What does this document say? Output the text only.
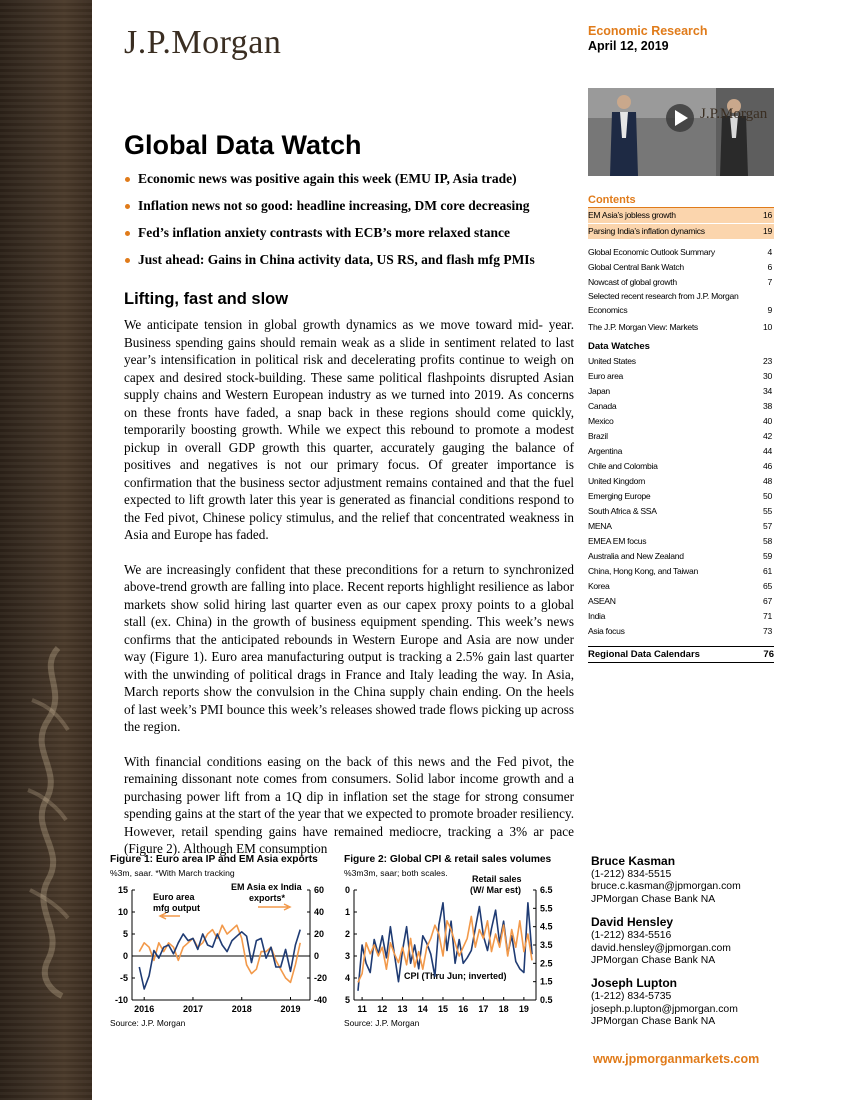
J.P.Morgan	Economic Research
April 12, 2019
J.P.Morgan
Global Data Watch
Economic news was positive again this week (EMU IP, Asia trade)
Inflation news not so good: headline increasing, DM core decreasing
Fed’s inflation anxiety contrasts with ECB’s more relaxed stance
Just ahead: Gains in China activity data, US RS, and flash mfg PMIs
Lifting, fast and slow

We anticipate tension in global growth dynamics as we move toward mid- year. Business spending gains should remain weak as a slide in sentiment related to last year’s intensification in political risk and decelerating profits continue to weigh on capex and desired stock-building. These same political flashpoints disrupted Asian supply chains and Western European industry as we turned into 2019. As concerns on these fronts have faded, a snap back in these regions should come quickly, temporarily boosting growth. While we expect this rebound to promote a modest pickup in overall GDP growth this quarter, accurately gauging the balance of positives and negatives is not our primary focus. Of greater importance is confirmation that the business sector adjustment remains contained and that the fuel expected to lift growth later this year is generated as financial conditions respond to the Fed pivot, Chinese policy stimulus, and the relief that concentrated weakness in Asia and Europe has faded.

We are increasingly confident that these preconditions for a return to synchronized above-trend growth are falling into place. Recent reports highlight resilience as labor markets show solid hiring last quarter even as our capex proxy points to a global stall (ex. China) in the growth of business equipment spending. This week’s news confirms that the anticipated rebounds in Western Europe and Asia are now under way (Figure 1). Euro area manufacturing output is tracking a 2.5% gain last quarter with the unwinding of political drags in France and Italy leading the way. In Asia, March reports show the convulsion in the China supply chain ending. On the heels of last week’s PMI bounce this week’s releases showed trade flows picking up across the region.

With financial conditions easing on the back of this news and the Fed pivot, the remaining dissonant note comes from consumers. Solid labor income growth and a purchasing power lift from a 1Q dip in inflation set the stage for strong consumer spending gains at the start of the year that we expected to promote broader resiliency. However, retail spending gains have remained mediocre, tracking a 3% ar pace (Figure 2). Although EM consumption

Contents
EM Asia’s jobless growth	16
Parsing India’s inflation dynamics	19
Global Economic Outlook Summary	4
Global Central Bank Watch	6
Nowcast of global growth	7
Selected recent research from J.P. Morgan
Economics	9
The J.P. Morgan View: Markets	10
Data Watches
United States	23
Euro area	30
Japan	34
Canada	38
Mexico	40
Brazil	42
Argentina	44
Chile and Colombia	46
United Kingdom	48
Emerging Europe	50
South Africa & SSA	55
MENA	57
EMEA EM focus	58
Australia and New Zealand	59
China, Hong Kong, and Taiwan	61
Korea	65
ASEAN	67
India	71
Asia focus	73
Regional Data Calendars	76
Figure 1: Euro area IP and EM Asia exports
%3m, saar. *With March tracking
Euro area
mfg output
EM Asia ex India
exports*
15
10
5
0
-5
-10
60
40
20
0
-20
-40
2016	2017	2018	2019
Source: J.P. Morgan
Figure 2: Global CPI & retail sales volumes
%3m3m, saar; both scales.
Retail sales
(W/ Mar est)
CPI (Thru Jun; inverted)
0
1
2
3
4
5
6.5
5.5
4.5
3.5
2.5
1.5
0.5
11 12 13 14 15 16 17 18 19
Source: J.P. Morgan
Bruce Kasman
(1-212) 834-5515
bruce.c.kasman@jpmorgan.com
JPMorgan Chase Bank NA
David Hensley
(1-212) 834-5516
david.hensley@jpmorgan.com
JPMorgan Chase Bank NA
Joseph Lupton
(1-212) 834-5735
joseph.p.lupton@jpmorgan.com
JPMorgan Chase Bank NA
www.jpmorganmarkets.com
